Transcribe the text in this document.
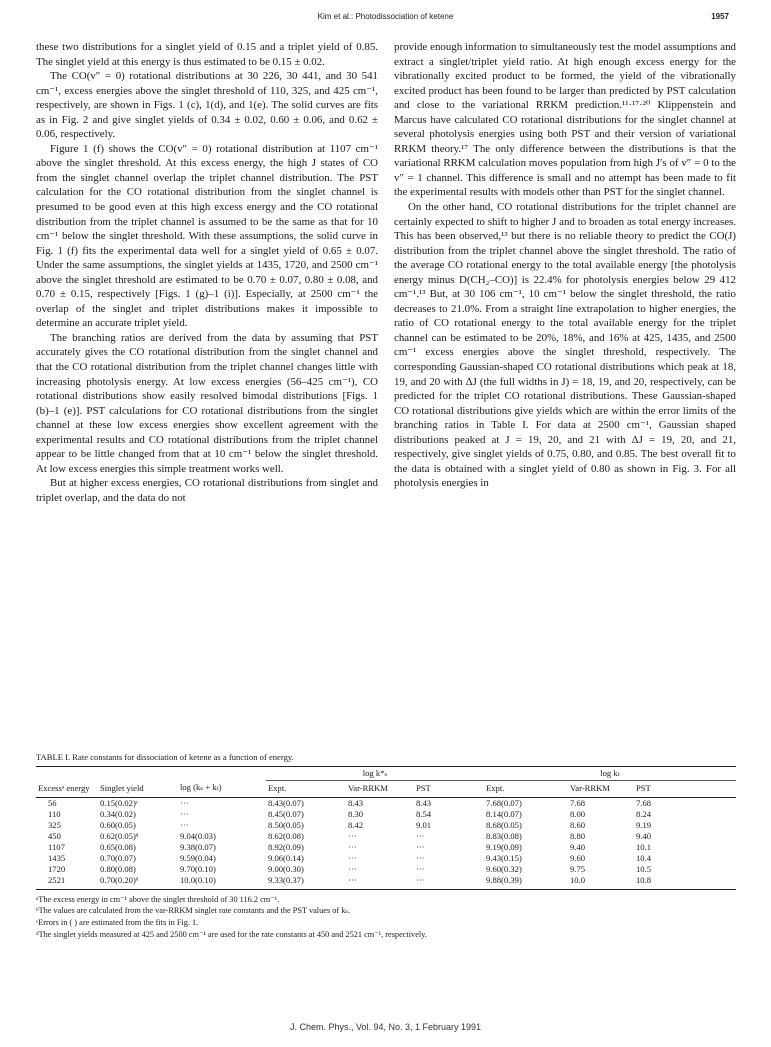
Kim et al.: Photodissociation of ketene	1957

these two distributions for a singlet yield of 0.15 and a triplet yield of 0.85. The singlet yield at this energy is thus estimated to be 0.15 ± 0.02.

The CO(v″ = 0) rotational distributions at 30 226, 30 441, and 30 541 cm⁻¹, excess energies above the singlet threshold of 110, 325, and 425 cm⁻¹, respectively, are shown in Figs. 1 (c), 1(d), and 1(e). The solid curves are fits as in Fig. 2 and give singlet yields of 0.34 ± 0.02, 0.60 ± 0.06, and 0.62 ± 0.06, respectively.

Figure 1 (f) shows the CO(v″ = 0) rotational distribution at 1107 cm⁻¹ above the singlet threshold. At this excess energy, the high J states of CO from the singlet channel overlap the triplet channel distribution. The PST calculation for the CO rotational distribution from the singlet channel is presumed to be good even at this high excess energy and the CO rotational distribution from the triplet channel is assumed to be the same as that for 10 cm⁻¹ below the singlet threshold. With these assumptions, the solid curve in Fig. 1 (f) fits the experimental data well for a singlet yield of 0.65 ± 0.07. Under the same assumptions, the singlet yields at 1435, 1720, and 2500 cm⁻¹ above the singlet threshold are estimated to be 0.70 ± 0.07, 0.80 ± 0.08, and 0.70 ± 0.15, respectively [Figs. 1 (g)–1 (i)]. Especially, at 2500 cm⁻¹ the overlap of the singlet and triplet distributions makes it impossible to determine an accurate triplet yield.

The branching ratios are derived from the data by assuming that PST accurately gives the CO rotational distribution from the singlet channel and that the CO rotational distribution from the triplet channel changes little with increasing photolysis energy. At low excess energies (56–425 cm⁻¹), CO rotational distributions show easily resolved bimodal distributions [Figs. 1 (b)–1 (e)]. PST calculations for CO rotational distributions from the singlet channel at these low excess energies show excellent agreement with the experimental results and CO rotational distributions from the triplet channel appear to be little changed from that at 10 cm⁻¹ below the singlet threshold. At low excess energies this simple treatment works well.

But at higher excess energies, CO rotational distributions from singlet and triplet overlap, and the data do not

provide enough information to simultaneously test the model assumptions and extract a singlet/triplet yield ratio. At high enough excess energy for the vibrationally excited product to be formed, the yield of the vibrationally excited product has been found to be larger than predicted by PST calculation and close to the variational RRKM prediction.¹¹·¹⁷·²⁰ Klippenstein and Marcus have calculated CO rotational distributions for the singlet channel at several photolysis energies using both PST and their version of variational RRKM theory.¹⁷ The only difference between the distributions is that the variational RRKM calculation moves population from high J′s of v″ = 0 to the v″ = 1 channel. This difference is small and no attempt has been made to fit the experimental results with models other than PST for the singlet channel.

On the other hand, CO rotational distributions for the triplet channel are certainly expected to shift to higher J and to broaden as total energy increases. This has been observed,¹³ but there is no reliable theory to predict the CO(J) distribution from the triplet channel above the singlet threshold. The ratio of the average CO rotational energy to the total available energy [the photolysis energy minus D(CH₂–CO)] is 22.4% for photolysis energies below 29 412 cm⁻¹.¹³ But, at 30 106 cm⁻¹, 10 cm⁻¹ below the singlet threshold, the ratio decreases to 21.0%. From a straight line extrapolation to higher energies, the ratio of CO rotational energy to the total available energy for the triplet channel can be estimated to be 20%, 18%, and 16% at 425, 1435, and 2500 cm⁻¹ excess energies above the singlet threshold, respectively. The corresponding Gaussian-shaped CO rotational distributions which peak at 18, 19, and 20 with ΔJ (the full widths in J) = 18, 19, and 20, respectively, can be predicted for the triplet CO rotational distributions. These Gaussian-shaped CO rotational distributions give yields which are within the error limits of the branching ratios in Table I. For data at 2500 cm⁻¹, Gaussian shaped distributions peaked at J = 19, 20, and 21 with ΔJ = 19, 20, and 21, respectively, give singlet yields of 0.75, 0.80, and 0.85. The best overall fit to the data is obtained with a singlet yield of 0.80 as shown in Fig. 3. For all photolysis energies in

TABLE I. Rate constants for dissociation of ketene as a function of energy.

			log k*ₛ			log kₜ		
Excessᵃ energy	Singlet yield	log (kₛ + kₜ)	Expt.	Var-RRKM	PST	Expt.	Var-RRKM	PST

56	0.15(0.02)ᶜ	···	8.43(0.07)	8.43	8.43	7.68(0.07)	7.68	7.68
110	0.34(0.02)	···	8.45(0.07)	8.30	8.54	8.14(0.07)	8.00	8.24
325	0.60(0.05)	···	8.50(0.05)	8.42	9.01	8.68(0.05)	8.60	9.19
450	0.62(0.05)ᵈ	9.04(0.03)	8.62(0.08)	···	···	8.83(0.08)	8.80	9.40
1107	0.65(0.08)	9.38(0.07)	8.92(0.09)	···	···	9.19(0.09)	9.40	10.1
1435	0.70(0.07)	9.59(0.04)	9.06(0.14)	···	···	9.43(0.15)	9.60	10.4
1720	0.80(0.08)	9.70(0.10)	9.00(0.30)	···	···	9.60(0.32)	9.75	10.5
2521	0.70(0.20)ᵈ	10.0(0.10)	9.33(0.37)	···	···	9.88(0.39)	10.0	10.8

ᵃThe excess energy in cm⁻¹ above the singlet threshold of 30 116.2 cm⁻¹.
ᵇThe values are calculated from the var-RRKM singlet rate constants and the PST values of kₛ.
ᶜErrors in ( ) are estimated from the fits in Fig. 1.
ᵈThe singlet yields measured at 425 and 2500 cm⁻¹ are used for the rate constants at 450 and 2521 cm⁻¹, respectively.
J. Chem. Phys., Vol. 94, No. 3, 1 February 1991
